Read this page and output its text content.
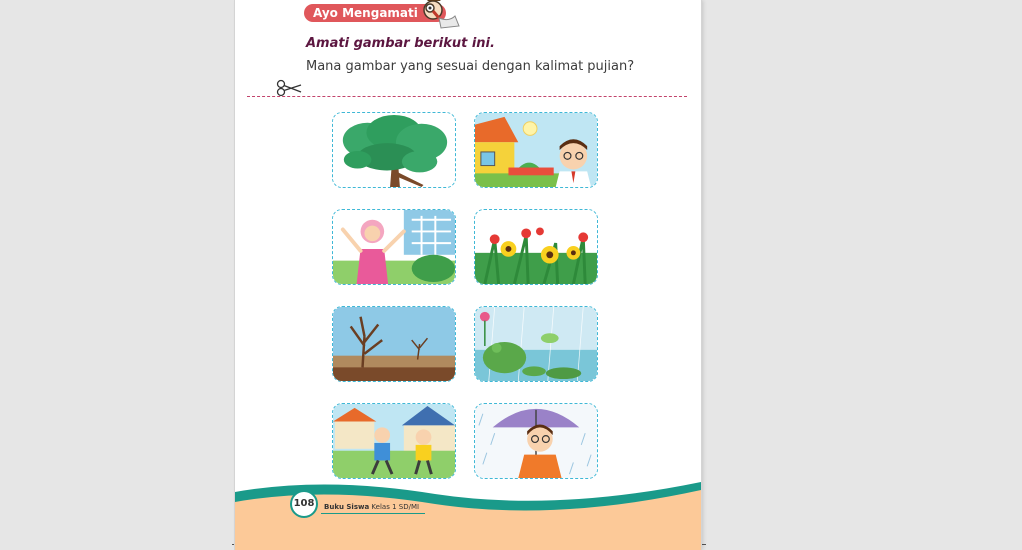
Ayo Mengamati
Amati gambar berikut ini.
Mana gambar yang sesuai dengan kalimat pujian?
108	Buku Siswa Kelas 1 SD/MI
